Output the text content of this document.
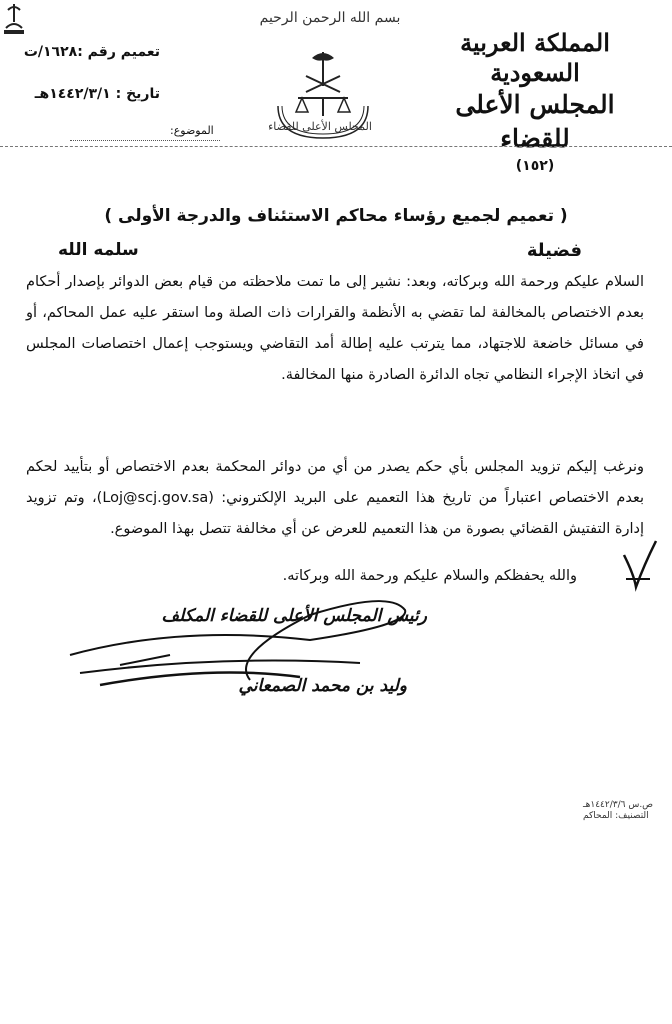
المملكة العربية السعودية
المجلس الأعلى للقضاء
(١٥٢)
بسم الله الرحمن الرحيم
المجلس الأعلى للقضاء
تعميم رقم :١٦٢٨/ت
تاريخ : ١٤٤٢/٣/١هـ
الموضوع:
( تعميم لجميع رؤساء محاكم الاستئناف والدرجة الأولى )
فضيلة
سلمه الله
السلام عليكم ورحمة الله وبركاته، وبعد: نشير إلى ما تمت ملاحظته من قيام بعض الدوائر بإصدار أحكام بعدم الاختصاص بالمخالفة لما تقضي به الأنظمة والقرارات ذات الصلة وما استقر عليه عمل المحاكم، أو في مسائل خاضعة للاجتهاد، مما يترتب عليه إطالة أمد التقاضي ويستوجب إعمال اختصاصات المجلس في اتخاذ الإجراء النظامي تجاه الدائرة الصادرة منها المخالفة.
ونرغب إليكم تزويد المجلس بأي حكم يصدر من أي من دوائر المحكمة بعدم الاختصاص أو بتأييد لحكم بعدم الاختصاص اعتباراً من تاريخ هذا التعميم على البريد الإلكتروني: (Loj@scj.gov.sa)، وتم تزويد إدارة التفتيش القضائي بصورة من هذا التعميم للعرض عن أي مخالفة تتصل بهذا الموضوع.
والله يحفظكم والسلام عليكم ورحمة الله وبركاته.
رئيس المجلس الأعلى للقضاء المكلف
وليد بن محمد الصمعاني
ص.س ١٤٤٢/٣/٦هـ
التصنيف: المحاكم
